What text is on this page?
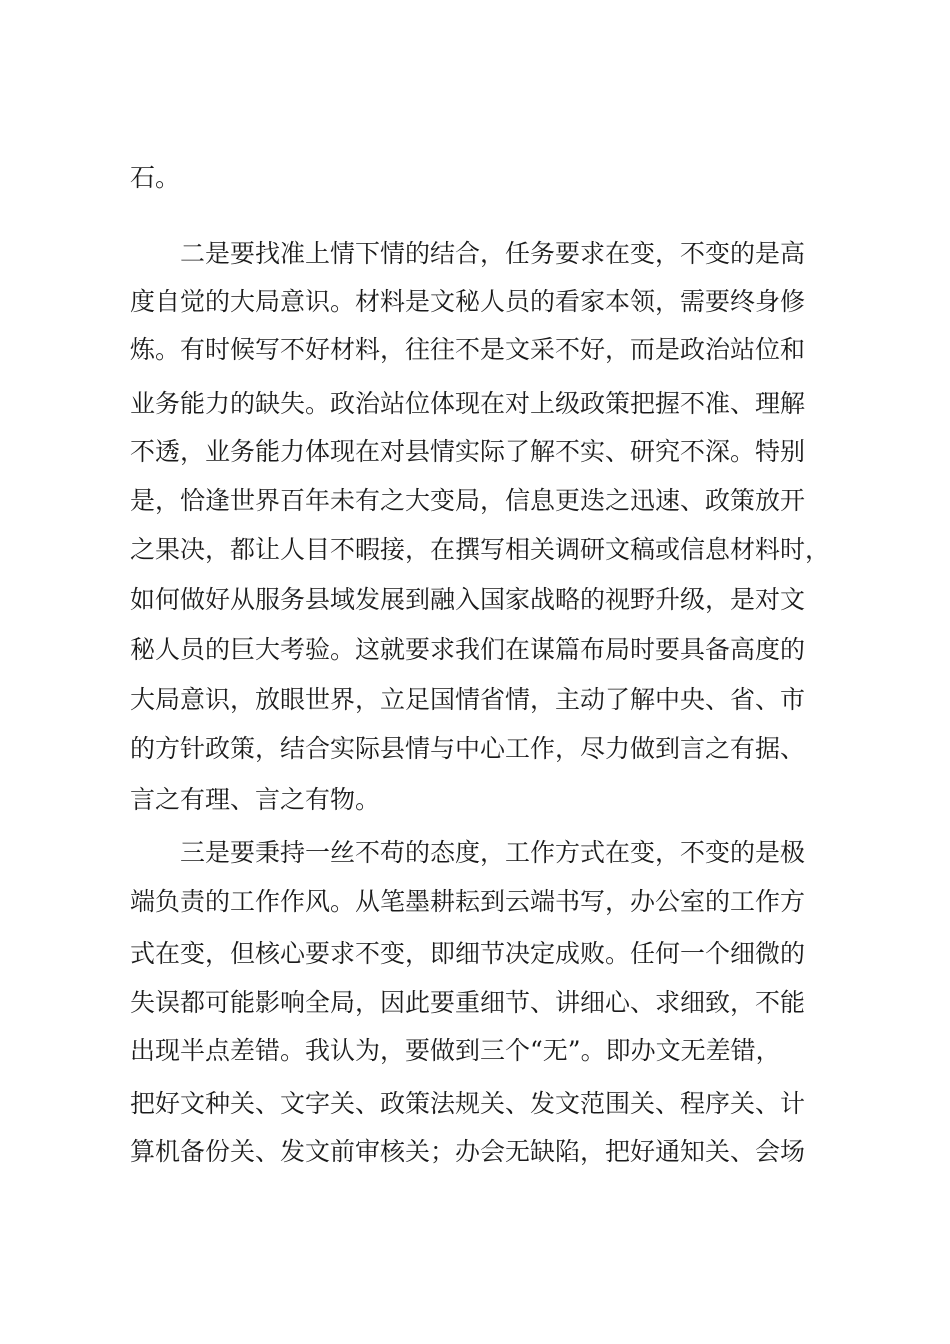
石。
二是要找准上情下情的结合，任务要求在变，不变的是高
度自觉的大局意识。材料是文秘人员的看家本领，需要终身修
炼。有时候写不好材料，往往不是文采不好，而是政治站位和
业务能力的缺失。政治站位体现在对上级政策把握不准、理解
不透，业务能力体现在对县情实际了解不实、研究不深。特别
是，恰逢世界百年未有之大变局，信息更迭之迅速、政策放开
之果决，都让人目不暇接，在撰写相关调研文稿或信息材料时，
如何做好从服务县域发展到融入国家战略的视野升级，是对文
秘人员的巨大考验。这就要求我们在谋篇布局时要具备高度的
大局意识，放眼世界，立足国情省情，主动了解中央、省、市
的方针政策，结合实际县情与中心工作，尽力做到言之有据、
言之有理、言之有物。
三是要秉持一丝不苟的态度，工作方式在变，不变的是极
端负责的工作作风。从笔墨耕耘到云端书写，办公室的工作方
式在变，但核心要求不变，即细节决定成败。任何一个细微的
失误都可能影响全局，因此要重细节、讲细心、求细致，不能
出现半点差错。我认为，要做到三个“无”。即办文无差错，
把好文种关、文字关、政策法规关、发文范围关、程序关、计
算机备份关、发文前审核关；办会无缺陷，把好通知关、会场
